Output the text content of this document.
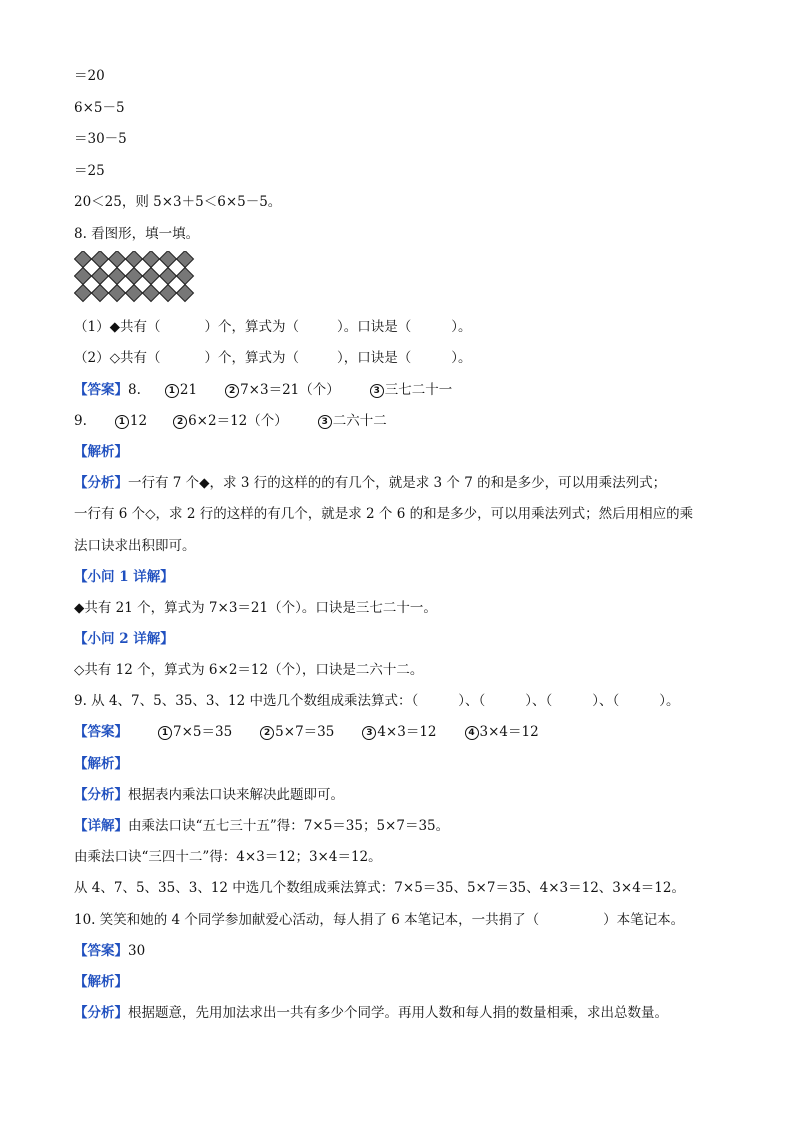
＝20
6×5－5
＝30－5
＝25
20＜25，则 5×3＋5＜6×5－5。
8. 看图形，填一填。
（1）◆共有（	）个，算式为（	）。口诀是（	）。
（2）◇共有（	）个，算式为（	），口诀是（	）。
【答案】8.	1 21	2 7×3＝21（个）	3 三七二十一
9.	1 12	2 6×2＝12（个）	3 二六十二
【解析】
【分析】一行有 7 个◆，求 3 行的这样的的有几个，就是求 3 个 7 的和是多少，可以用乘法列式；
一行有 6 个◇，求 2 行的这样的有几个，就是求 2 个 6 的和是多少，可以用乘法列式；然后用相应的乘
法口诀求出积即可。
【小问 1 详解】
◆共有 21 个，算式为 7×3＝21（个）。口诀是三七二十一。
【小问 2 详解】
◇共有 12 个，算式为 6×2＝12（个），口诀是二六十二。
9. 从 4、7、5、35、3、12 中选几个数组成乘法算式：（	）、（	）、（	）、（	）。
【答案】	1 7×5＝35	2 5×7＝35	3 4×3＝12	4 3×4＝12
【解析】
【分析】根据表内乘法口诀来解决此题即可。
【详解】由乘法口诀“五七三十五”得：7×5＝35；5×7＝35。
由乘法口诀“三四十二”得：4×3＝12；3×4＝12。
从 4、7、5、35、3、12 中选几个数组成乘法算式：7×5＝35、5×7＝35、4×3＝12、3×4＝12。
10. 笑笑和她的 4 个同学参加献爱心活动，每人捐了 6 本笔记本，一共捐了（	）本笔记本。
【答案】30
【解析】
【分析】根据题意，先用加法求出一共有多少个同学。再用人数和每人捐的数量相乘，求出总数量。
